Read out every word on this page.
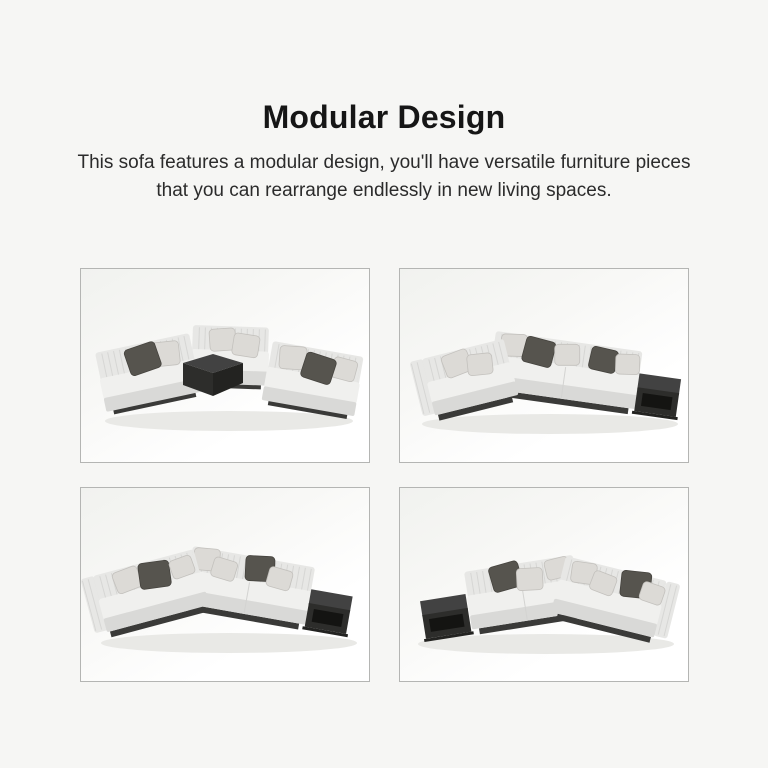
Modular Design

This sofa features a modular design, you'll have versatile furniture pieces that you can rearrange endlessly in new living spaces.
